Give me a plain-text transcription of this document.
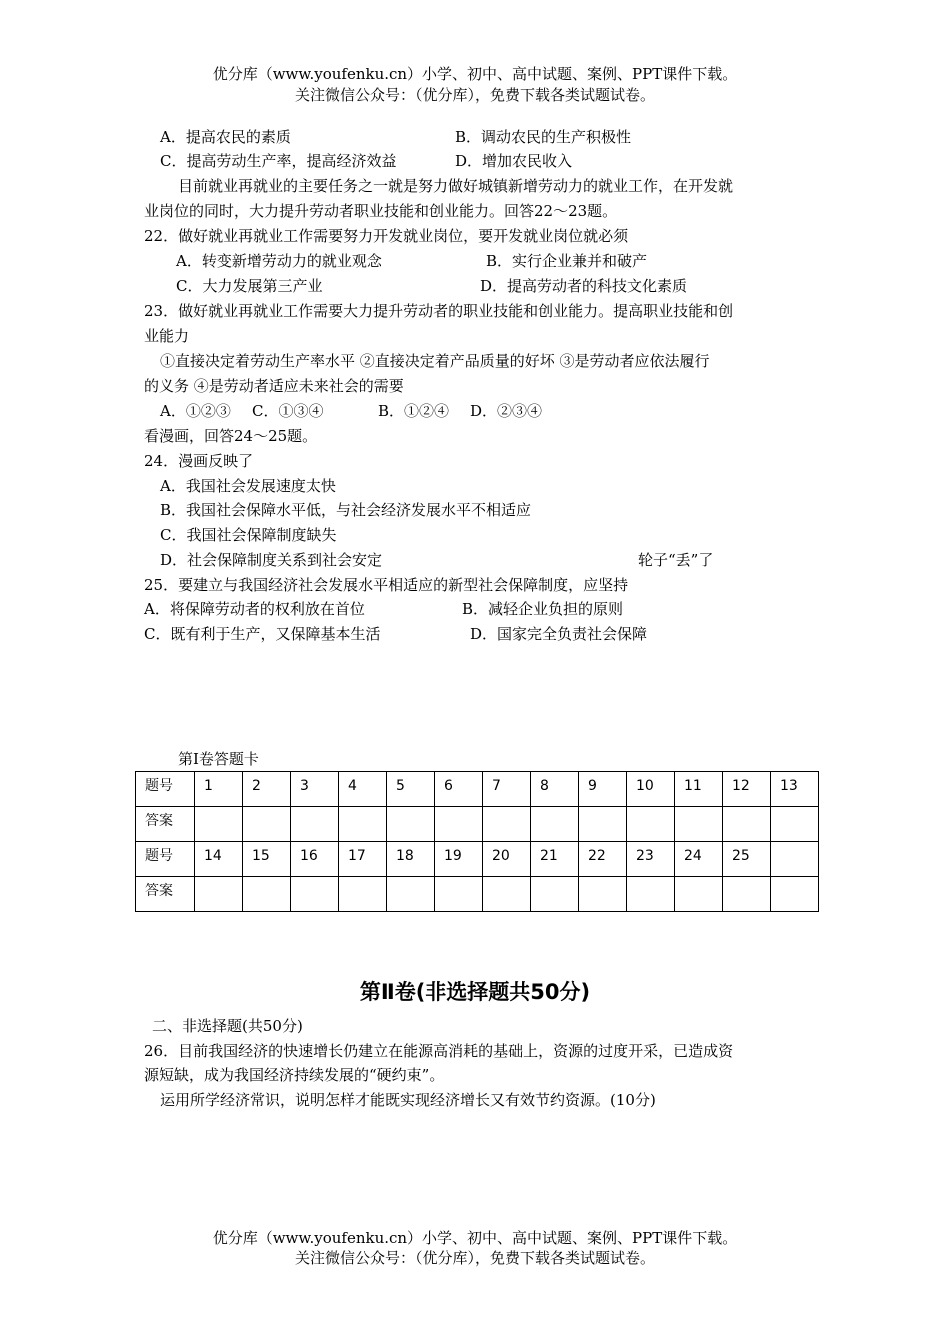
优分库（www.youfenku.cn）小学、初中、高中试题、案例、PPT课件下载。
关注微信公众号：（优分库），免费下载各类试题试卷。
A．提高农民的素质	B．调动农民的生产积极性
C．提高劳动生产率，提高经济效益	D．增加农民收入
目前就业再就业的主要任务之一就是努力做好城镇新增劳动力的就业工作，在开发就
业岗位的同时，大力提升劳动者职业技能和创业能力。回答22～23题。
22．做好就业再就业工作需要努力开发就业岗位，要开发就业岗位就必须
A．转变新增劳动力的就业观念	B．实行企业兼并和破产
C．大力发展第三产业	D．提高劳动者的科技文化素质
23．做好就业再就业工作需要大力提升劳动者的职业技能和创业能力。提高职业技能和创
业能力
①直接决定着劳动生产率水平 ②直接决定着产品质量的好坏 ③是劳动者应依法履行
的义务 ④是劳动者适应未来社会的需要
A．①②③ C．①③④	B．①②④ D．②③④
看漫画，回答24～25题。
24．漫画反映了
A．我国社会发展速度太快
B．我国社会保障水平低，与社会经济发展水平不相适应
C．我国社会保障制度缺失
D．社会保障制度关系到社会安定	轮子“丢”了
25．要建立与我国经济社会发展水平相适应的新型社会保障制度，应坚持
A．将保障劳动者的权利放在首位	B．减轻企业负担的原则
C．既有利于生产，又保障基本生活	D．国家完全负责社会保障
第Ⅰ卷答题卡
题号	1	2	3	4	5	6	7	8	9	10	11	12	13
答案													
题号	14	15	16	17	18	19	20	21	22	23	24	25	
答案													
第Ⅱ卷(非选择题共50分)
二、非选择题(共50分)
26．目前我国经济的快速增长仍建立在能源高消耗的基础上，资源的过度开采，已造成资
源短缺，成为我国经济持续发展的“硬约束”。
运用所学经济常识，说明怎样才能既实现经济增长又有效节约资源。(10分)
优分库（www.youfenku.cn）小学、初中、高中试题、案例、PPT课件下载。
关注微信公众号：（优分库），免费下载各类试题试卷。
